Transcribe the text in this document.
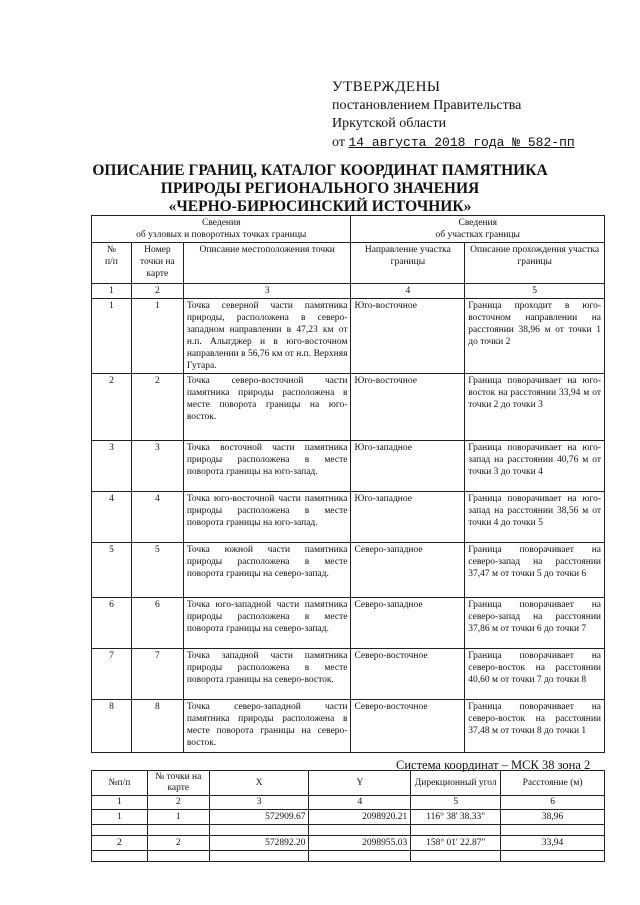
УТВЕРЖДЕНЫ
постановлением Правительства
Иркутской области
от 14 августа 2018 года № 582-пп
ОПИСАНИЕ ГРАНИЦ, КАТАЛОГ КООРДИНАТ ПАМЯТНИКА
ПРИРОДЫ РЕГИОНАЛЬНОГО ЗНАЧЕНИЯ
«ЧЕРНО-БИРЮСИНСКИЙ ИСТОЧНИК»
Сведения
об узловых и поворотных точках границы			Сведения
об участках границы	
№
п/п	Номер точки на карте	Описание местоположения точки	Направление участка границы	Описание прохождения участка границы
1	2	3	4	5
1	1	Точка северной части памятника природы, расположена в северо-западном направлении в 47,23 км от н.п. Алыгджер и в юго-восточном направлении в 56,76 км от н.п. Верхняя Гутара.	Юго-восточное	Граница проходит в юго-восточном направлении на расстоянии 38,96 м от точки 1 до точки 2
2	2	Точка северо-восточной части памятника природы расположена в месте поворота границы на юго-восток.	Юго-восточное	Граница поворачивает на юго-восток на расстоянии 33,94 м от точки 2 до точки 3
3	3	Точка восточной части памятника природы расположена в месте поворота границы на юго-запад.	Юго-западное	Граница поворачивает на юго-запад на расстоянии 40,76 м от точки 3 до точки 4
4	4	Точка юго-восточной части памятника природы расположена в месте поворота границы на юго-запад.	Юго-западное	Граница поворачивает на юго-запад на расстоянии 38,56 м от точки 4 до точки 5
5	5	Точка южной части памятника природы расположена в месте поворота границы на северо-запад.	Северо-западное	Граница поворачивает на северо-запад на расстоянии 37,47 м от точки 5 до точки 6
6	6	Точка юго-западной части памятника природы расположена в месте поворота границы на северо-запад.	Северо-западное	Граница поворачивает на северо-запад на расстоянии 37,86 м от точки 6 до точки 7
7	7	Точка западной части памятника природы расположена в месте поворота границы на северо-восток.	Северо-восточное	Граница поворачивает на северо-восток на расстоянии 40,60 м от точки 7 до точки 8
8	8	Точка северо-западной части памятника природы расположена в месте поворота границы на северо-восток.	Северо-восточное	Граница поворачивает на северо-восток на расстоянии 37,48 м от точки 8 до точки 1
Система координат – МСК 38 зона 2
№п/п	№ точки на карте	X	Y	Дирекционный угол	Расстояние (м)
1	2	3	4	5	6
1	1	572909.67	2098920.21	116° 38' 38.33"	38,96

2	2	572892.20	2098955.03	158° 01' 22.87"	33,94
